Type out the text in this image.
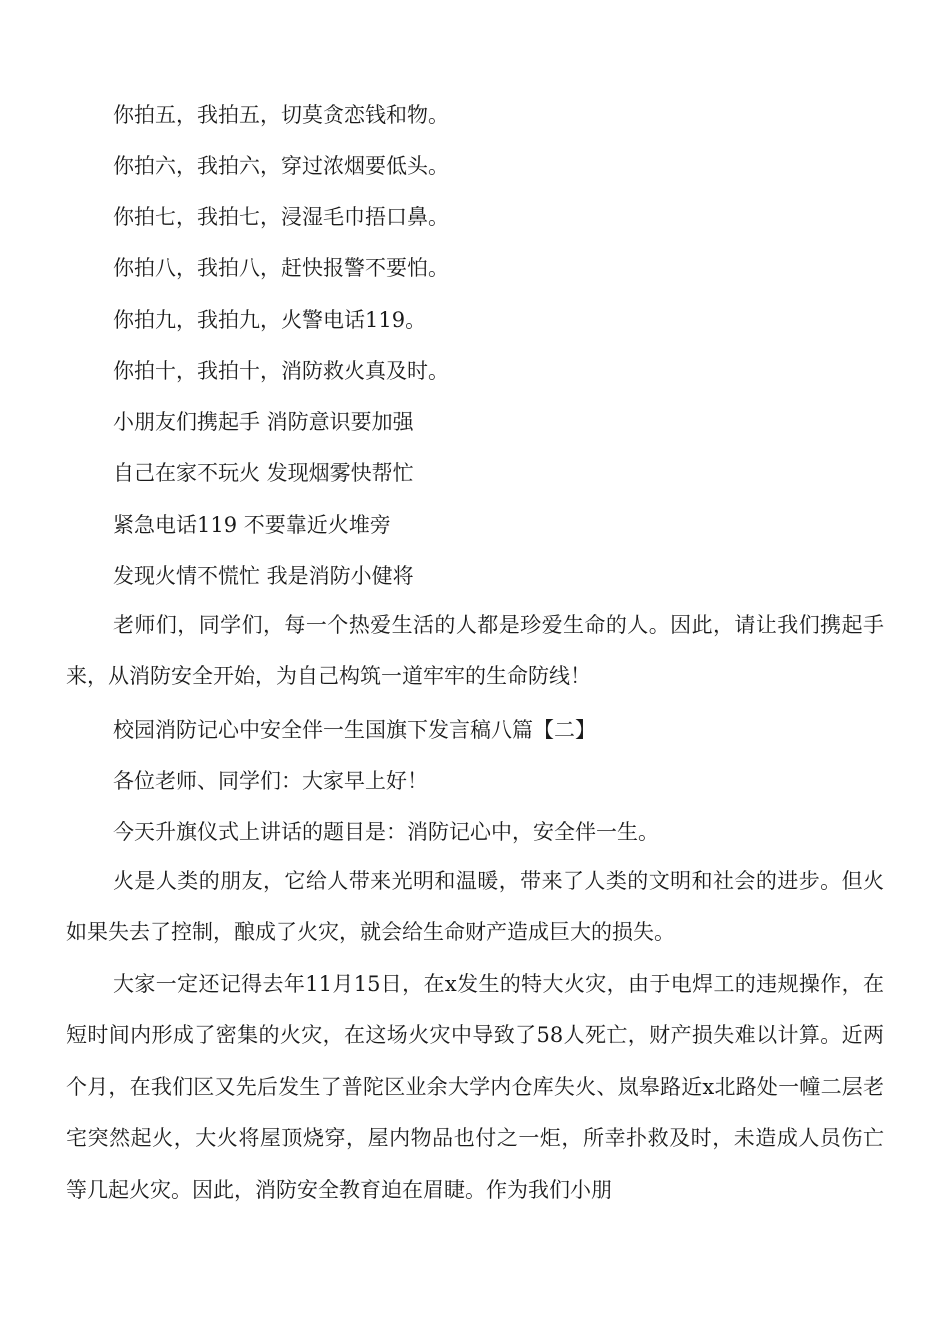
你拍五，我拍五，切莫贪恋钱和物。
你拍六，我拍六，穿过浓烟要低头。
你拍七，我拍七，浸湿毛巾捂口鼻。
你拍八，我拍八，赶快报警不要怕。
你拍九，我拍九，火警电话119。
你拍十，我拍十，消防救火真及时。
小朋友们携起手 消防意识要加强
自己在家不玩火 发现烟雾快帮忙
紧急电话119 不要靠近火堆旁
发现火情不慌忙 我是消防小健将

老师们，同学们，每一个热爱生活的人都是珍爱生命的人。因此，请让我们携起手来，从消防安全开始，为自己构筑一道牢牢的生命防线！

校园消防记心中安全伴一生国旗下发言稿八篇【二】
各位老师、同学们：大家早上好！
今天升旗仪式上讲话的题目是：消防记心中，安全伴一生。

火是人类的朋友，它给人带来光明和温暖，带来了人类的文明和社会的进步。但火如果失去了控制，酿成了火灾，就会给生命财产造成巨大的损失。

大家一定还记得去年11月15日，在x发生的特大火灾，由于电焊工的违规操作，在短时间内形成了密集的火灾，在这场火灾中导致了58人死亡，财产损失难以计算。近两个月，在我们区又先后发生了普陀区业余大学内仓库失火、岚皋路近x北路处一幢二层老宅突然起火，大火将屋顶烧穿，屋内物品也付之一炬，所幸扑救及时，未造成人员伤亡等几起火灾。因此，消防安全教育迫在眉睫。作为我们小朋
